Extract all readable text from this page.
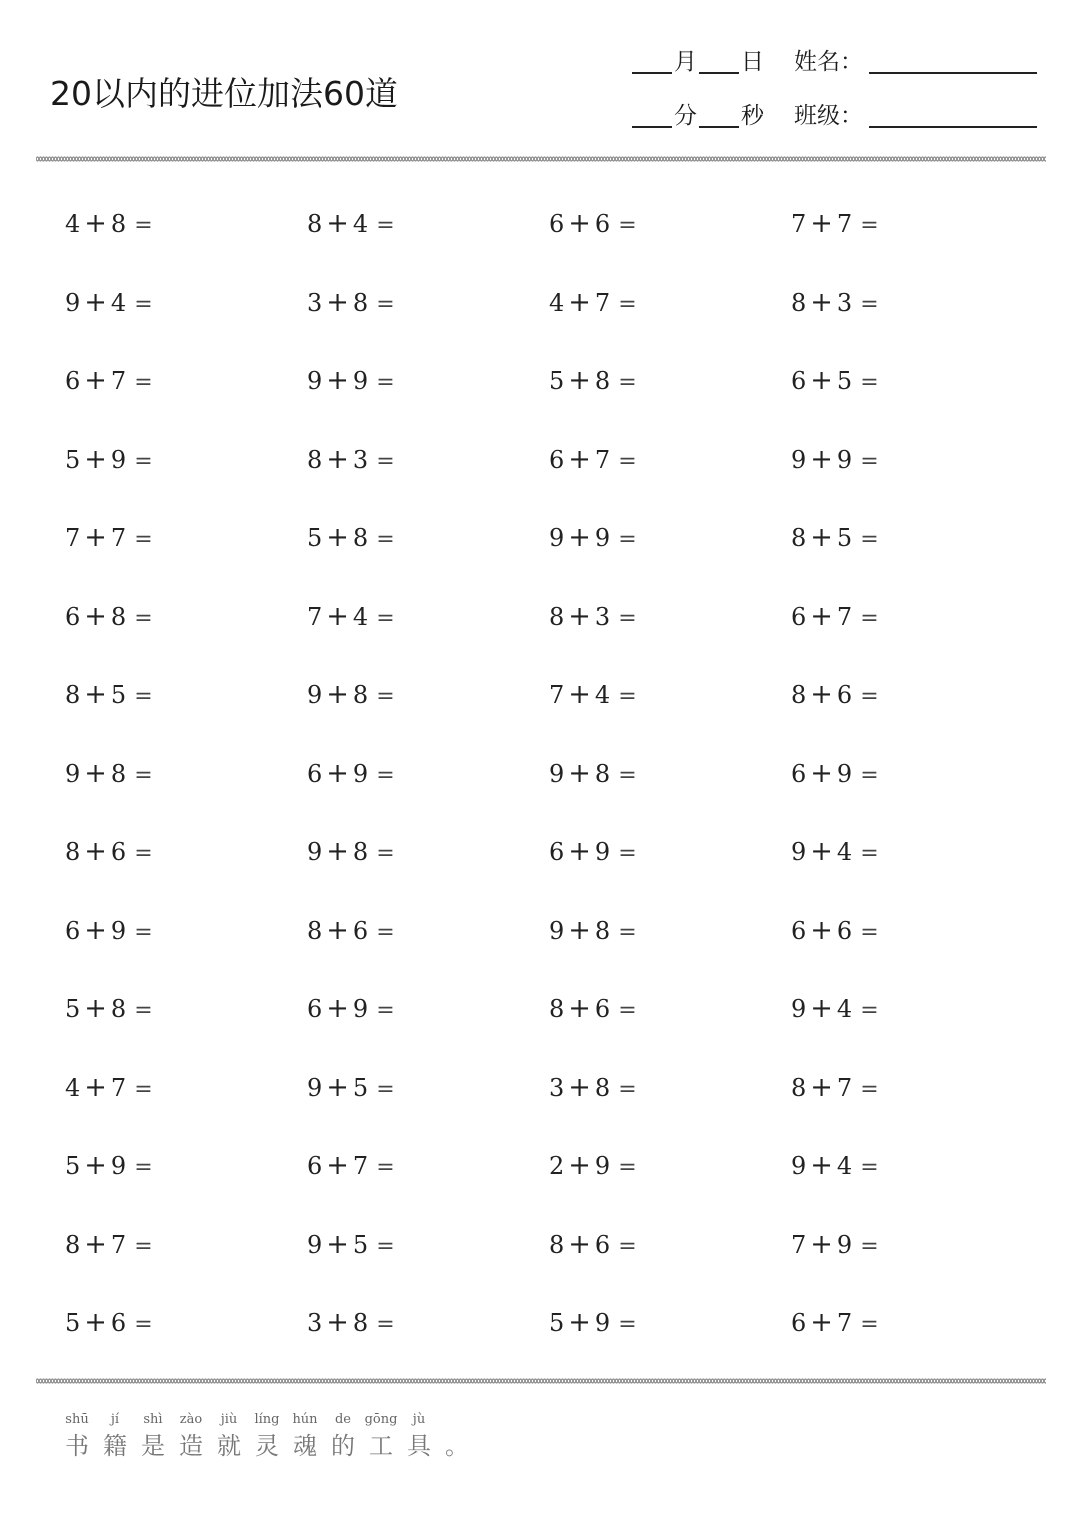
20以内的进位加法60道
月 日 姓名：
分 秒 班级：
4 + 8 =	8 + 4 =	6 + 6 =	7 + 7 =
9 + 4 =	3 + 8 =	4 + 7 =	8 + 3 =
6 + 7 =	9 + 9 =	5 + 8 =	6 + 5 =
5 + 9 =	8 + 3 =	6 + 7 =	9 + 9 =
7 + 7 =	5 + 8 =	9 + 9 =	8 + 5 =
6 + 8 =	7 + 4 =	8 + 3 =	6 + 7 =
8 + 5 =	9 + 8 =	7 + 4 =	8 + 6 =
9 + 8 =	6 + 9 =	9 + 8 =	6 + 9 =
8 + 6 =	9 + 8 =	6 + 9 =	9 + 4 =
6 + 9 =	8 + 6 =	9 + 8 =	6 + 6 =
5 + 8 =	6 + 9 =	8 + 6 =	9 + 4 =
4 + 7 =	9 + 5 =	3 + 8 =	8 + 7 =
5 + 9 =	6 + 7 =	2 + 9 =	9 + 4 =
8 + 7 =	9 + 5 =	8 + 6 =	7 + 9 =
5 + 6 =	3 + 8 =	5 + 9 =	6 + 7 =
shū
书
jí
籍
shì
是
zào
造
jiù
就
líng
灵
hún
魂
de
的
gōng
工
jù
具 。
